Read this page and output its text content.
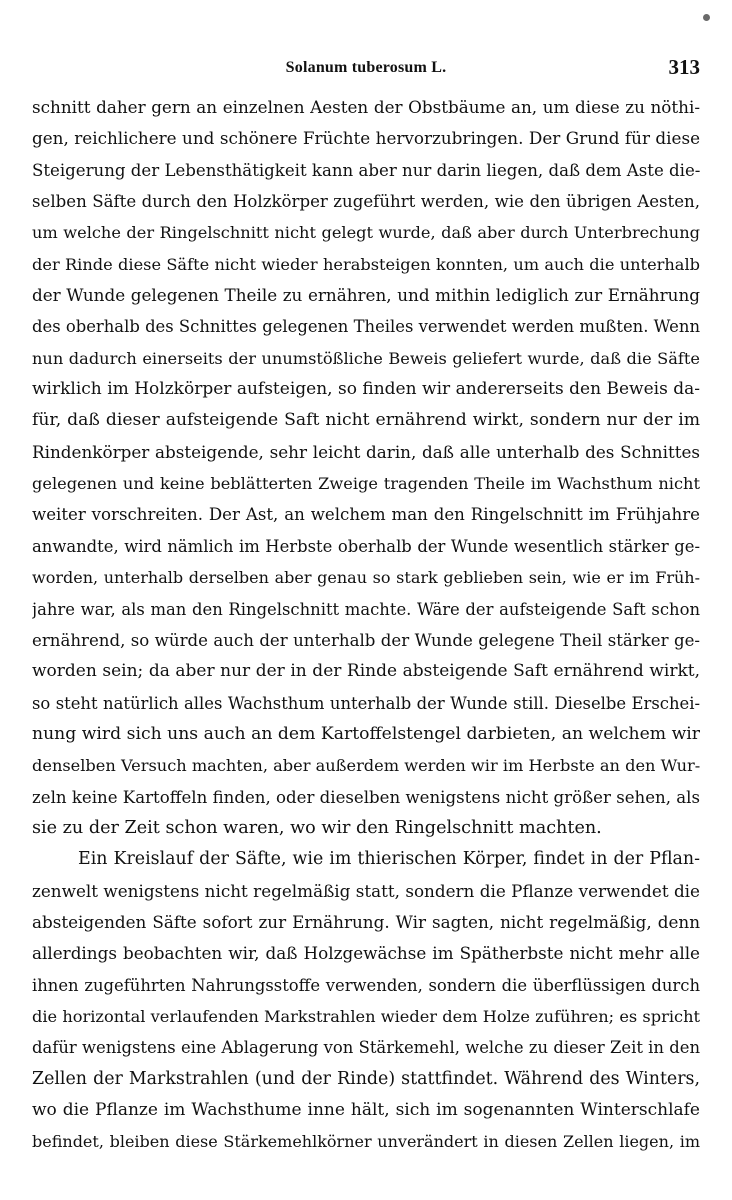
Solanum tuberosum L.	313
schnitt daher gern an einzelnen Aesten der Obstbäume an, um diese zu nöthi-
gen, reichlichere und schönere Früchte hervorzubringen. Der Grund für diese
Steigerung der Lebensthätigkeit kann aber nur darin liegen, daß dem Aste die-
selben Säfte durch den Holzkörper zugeführt werden, wie den übrigen Aesten,
um welche der Ringelschnitt nicht gelegt wurde, daß aber durch Unterbrechung
der Rinde diese Säfte nicht wieder herabsteigen konnten, um auch die unterhalb
der Wunde gelegenen Theile zu ernähren, und mithin lediglich zur Ernährung
des oberhalb des Schnittes gelegenen Theiles verwendet werden mußten. Wenn
nun dadurch einerseits der unumstößliche Beweis geliefert wurde, daß die Säfte
wirklich im Holzkörper aufsteigen, so finden wir andererseits den Beweis da-
für, daß dieser aufsteigende Saft nicht ernährend wirkt, sondern nur der im
Rindenkörper absteigende, sehr leicht darin, daß alle unterhalb des Schnittes
gelegenen und keine beblätterten Zweige tragenden Theile im Wachsthum nicht
weiter vorschreiten. Der Ast, an welchem man den Ringelschnitt im Frühjahre
anwandte, wird nämlich im Herbste oberhalb der Wunde wesentlich stärker ge-
worden, unterhalb derselben aber genau so stark geblieben sein, wie er im Früh-
jahre war, als man den Ringelschnitt machte. Wäre der aufsteigende Saft schon
ernährend, so würde auch der unterhalb der Wunde gelegene Theil stärker ge-
worden sein; da aber nur der in der Rinde absteigende Saft ernährend wirkt,
so steht natürlich alles Wachsthum unterhalb der Wunde still. Dieselbe Erschei-
nung wird sich uns auch an dem Kartoffelstengel darbieten, an welchem wir
denselben Versuch machten, aber außerdem werden wir im Herbste an den Wur-
zeln keine Kartoffeln finden, oder dieselben wenigstens nicht größer sehen, als
sie zu der Zeit schon waren, wo wir den Ringelschnitt machten.
Ein Kreislauf der Säfte, wie im thierischen Körper, findet in der Pflan-
zenwelt wenigstens nicht regelmäßig statt, sondern die Pflanze verwendet die
absteigenden Säfte sofort zur Ernährung. Wir sagten, nicht regelmäßig, denn
allerdings beobachten wir, daß Holzgewächse im Spätherbste nicht mehr alle
ihnen zugeführten Nahrungsstoffe verwenden, sondern die überflüssigen durch
die horizontal verlaufenden Markstrahlen wieder dem Holze zuführen; es spricht
dafür wenigstens eine Ablagerung von Stärkemehl, welche zu dieser Zeit in den
Zellen der Markstrahlen (und der Rinde) stattfindet. Während des Winters,
wo die Pflanze im Wachsthume inne hält, sich im sogenannten Winterschlafe
befindet, bleiben diese Stärkemehlkörner unverändert in diesen Zellen liegen, im
